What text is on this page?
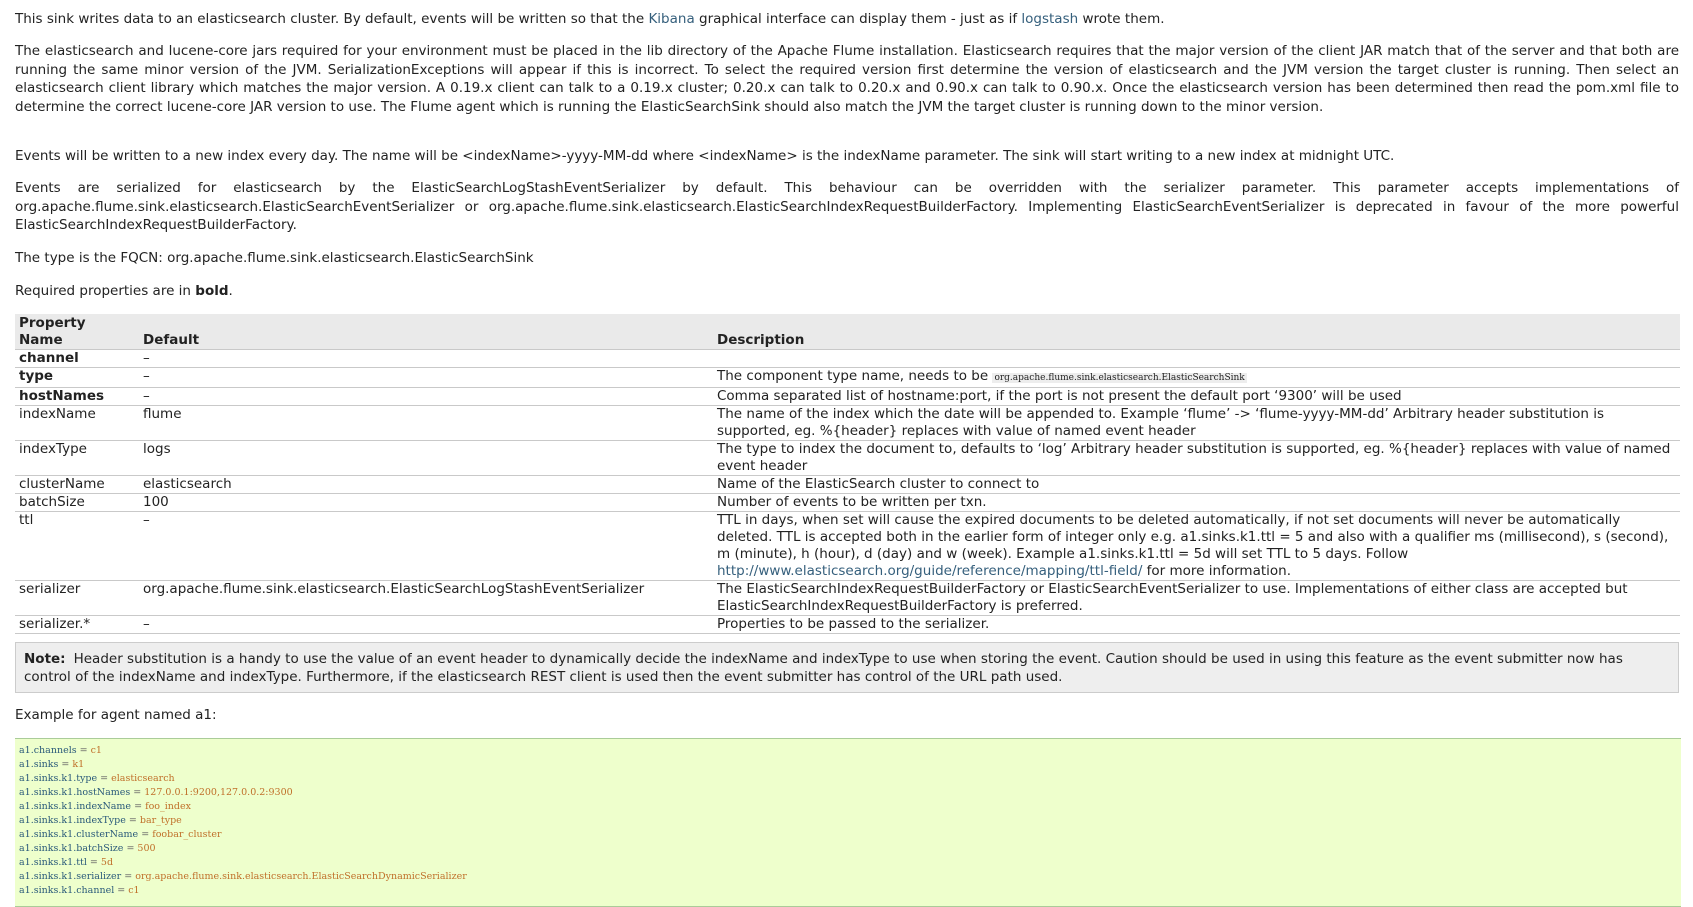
This sink writes data to an elasticsearch cluster. By default, events will be written so that the Kibana graphical interface can display them - just as if logstash wrote them.

The elasticsearch and lucene-core jars required for your environment must be placed in the lib directory of the Apache Flume installation. Elasticsearch requires that the major version of the client JAR match that of the server and that both are running the same minor version of the JVM. SerializationExceptions will appear if this is incorrect. To select the required version first determine the version of elasticsearch and the JVM version the target cluster is running. Then select an elasticsearch client library which matches the major version. A 0.19.x client can talk to a 0.19.x cluster; 0.20.x can talk to 0.20.x and 0.90.x can talk to 0.90.x. Once the elasticsearch version has been determined then read the pom.xml file to determine the correct lucene-core JAR version to use. The Flume agent which is running the ElasticSearchSink should also match the JVM the target cluster is running down to the minor version.

Events will be written to a new index every day. The name will be <indexName>-yyyy-MM-dd where <indexName> is the indexName parameter. The sink will start writing to a new index at midnight UTC.

Events are serialized for elasticsearch by the ElasticSearchLogStashEventSerializer by default. This behaviour can be overridden with the serializer parameter. This parameter accepts implementations of org.apache.flume.sink.elasticsearch.ElasticSearchEventSerializer or org.apache.flume.sink.elasticsearch.ElasticSearchIndexRequestBuilderFactory. Implementing ElasticSearchEventSerializer is deprecated in favour of the more powerful ElasticSearchIndexRequestBuilderFactory.

The type is the FQCN: org.apache.flume.sink.elasticsearch.ElasticSearchSink

Required properties are in bold.

Property
Name	Default	Description
channel	–	
type	–	The component type name, needs to be org.apache.flume.sink.elasticsearch.ElasticSearchSink
hostNames	–	Comma separated list of hostname:port, if the port is not present the default port ‘9300’ will be used
indexName	flume	The name of the index which the date will be appended to. Example ‘flume’ -> ‘flume-yyyy-MM-dd’ Arbitrary header substitution is supported, eg. %{header} replaces with value of named event header
indexType	logs	The type to index the document to, defaults to ‘log’ Arbitrary header substitution is supported, eg. %{header} replaces with value of named event header
clusterName	elasticsearch	Name of the ElasticSearch cluster to connect to
batchSize	100	Number of events to be written per txn.
ttl	–	TTL in days, when set will cause the expired documents to be deleted automatically, if not set documents will never be automatically deleted. TTL is accepted both in the earlier form of integer only e.g. a1.sinks.k1.ttl = 5 and also with a qualifier ms (millisecond), s (second), m (minute), h (hour), d (day) and w (week). Example a1.sinks.k1.ttl = 5d will set TTL to 5 days. Follow http://www.elasticsearch.org/guide/reference/mapping/ttl-field/ for more information.
serializer	org.apache.flume.sink.elasticsearch.ElasticSearchLogStashEventSerializer	The ElasticSearchIndexRequestBuilderFactory or ElasticSearchEventSerializer to use. Implementations of either class are accepted but ElasticSearchIndexRequestBuilderFactory is preferred.
serializer.*	–	Properties to be passed to the serializer.
Note: Header substitution is a handy to use the value of an event header to dynamically decide the indexName and indexType to use when storing the event. Caution should be used in using this feature as the event submitter now has control of the indexName and indexType. Furthermore, if the elasticsearch REST client is used then the event submitter has control of the URL path used.

Example for agent named a1:

a1.channels = c1
a1.sinks = k1
a1.sinks.k1.type = elasticsearch
a1.sinks.k1.hostNames = 127.0.0.1:9200,127.0.0.2:9300
a1.sinks.k1.indexName = foo_index
a1.sinks.k1.indexType = bar_type
a1.sinks.k1.clusterName = foobar_cluster
a1.sinks.k1.batchSize = 500
a1.sinks.k1.ttl = 5d
a1.sinks.k1.serializer = org.apache.flume.sink.elasticsearch.ElasticSearchDynamicSerializer
a1.sinks.k1.channel = c1
